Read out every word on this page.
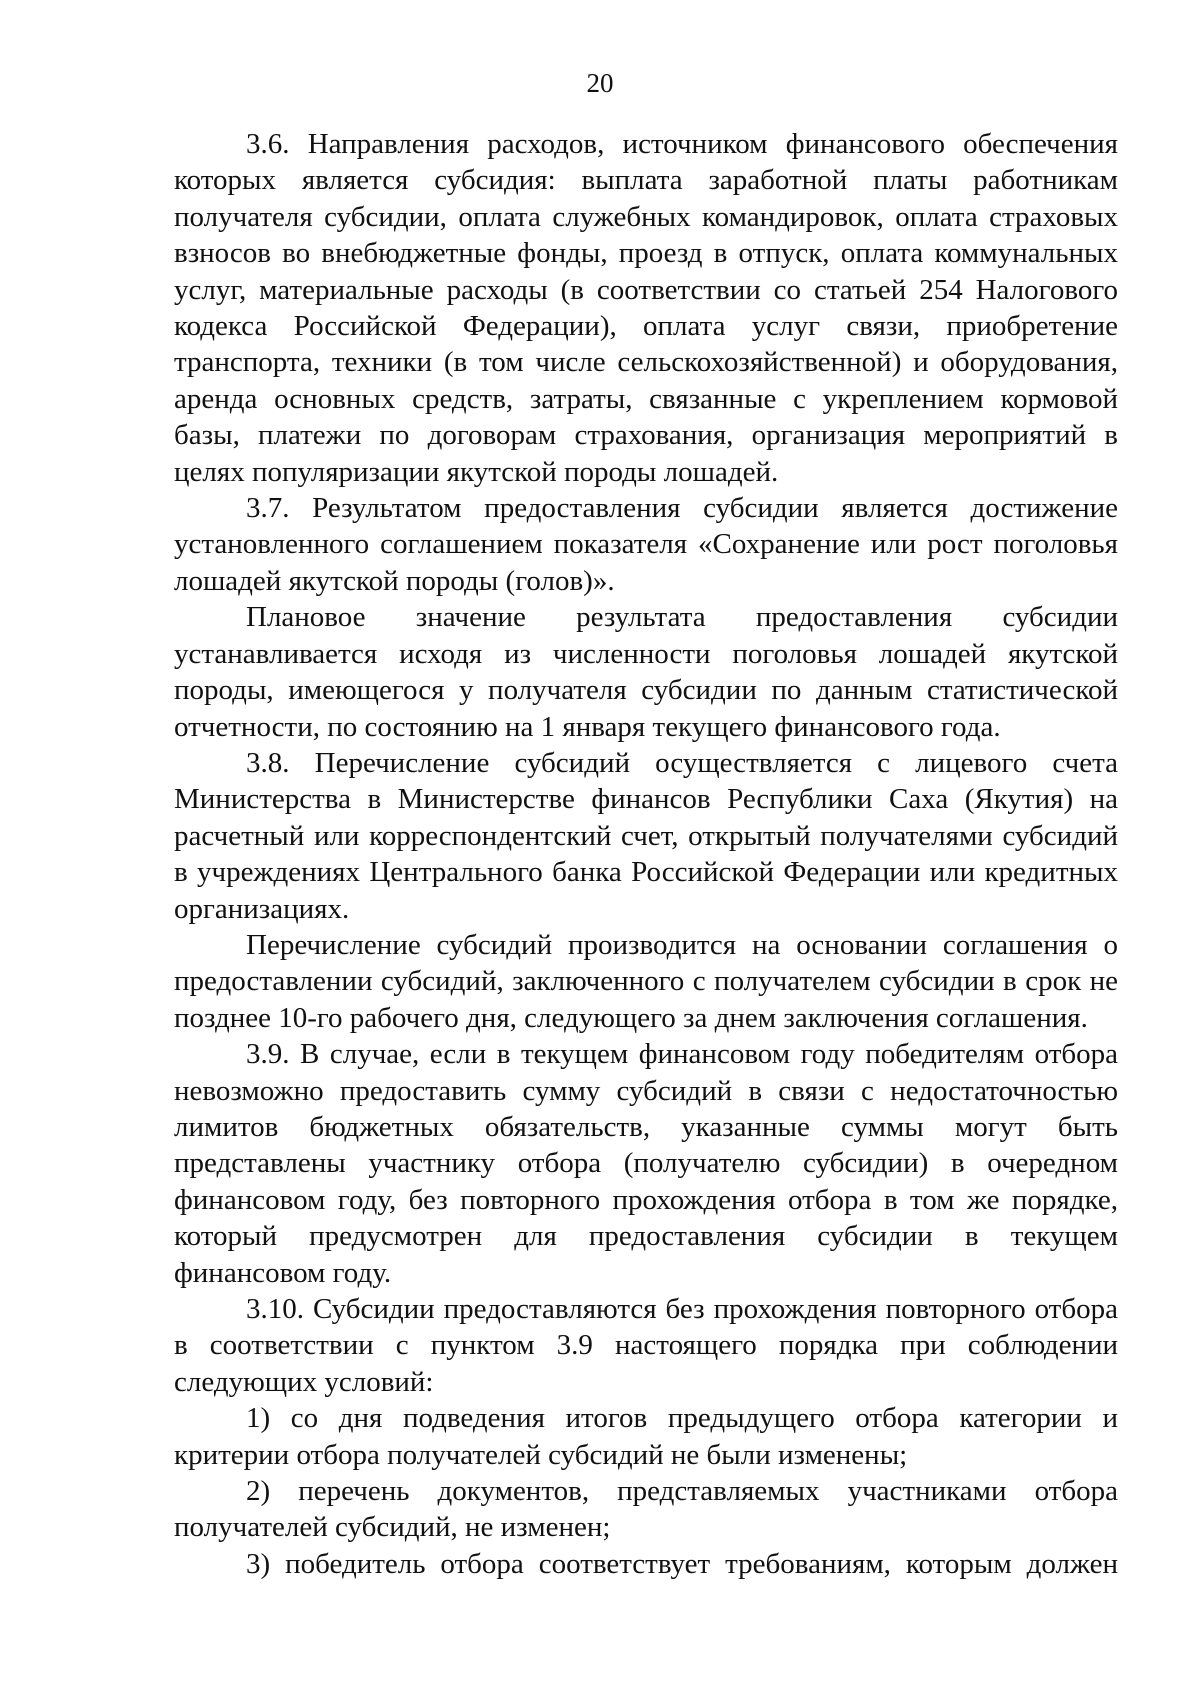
20

3.6. Направления расходов, источником финансового обеспечения которых является субсидия: выплата заработной платы работникам получателя субсидии, оплата служебных командировок, оплата страховых взносов во внебюджетные фонды, проезд в отпуск, оплата коммунальных услуг, материальные расходы (в соответствии со статьей 254 Налогового кодекса Российской Федерации), оплата услуг связи, приобретение транспорта, техники (в том числе сельскохозяйственной) и оборудования, аренда основных средств, затраты, связанные с укреплением кормовой базы, платежи по договорам страхования, организация мероприятий в целях популяризации якутской породы лошадей.

3.7. Результатом предоставления субсидии является достижение установленного соглашением показателя «Сохранение или рост поголовья лошадей якутской породы (голов)».

Плановое значение результата предоставления субсидии устанавливается исходя из численности поголовья лошадей якутской породы, имеющегося у получателя субсидии по данным статистической отчетности, по состоянию на 1 января текущего финансового года.

3.8. Перечисление субсидий осуществляется с лицевого счета Министерства в Министерстве финансов Республики Саха (Якутия) на расчетный или корреспондентский счет, открытый получателями субсидий в учреждениях Центрального банка Российской Федерации или кредитных организациях.

Перечисление субсидий производится на основании соглашения о предоставлении субсидий, заключенного с получателем субсидии в срок не позднее 10-го рабочего дня, следующего за днем заключения соглашения.

3.9. В случае, если в текущем финансовом году победителям отбора невозможно предоставить сумму субсидий в связи с недостаточностью лимитов бюджетных обязательств, указанные суммы могут быть представлены участнику отбора (получателю субсидии) в очередном финансовом году, без повторного прохождения отбора в том же порядке, который предусмотрен для предоставления субсидии в текущем финансовом году.

3.10. Субсидии предоставляются без прохождения повторного отбора в соответствии с пунктом 3.9 настоящего порядка при соблюдении следующих условий:

1) со дня подведения итогов предыдущего отбора категории и критерии отбора получателей субсидий не были изменены;

2) перечень документов, представляемых участниками отбора получателей субсидий, не изменен;

3) победитель отбора соответствует требованиям, которым должен
